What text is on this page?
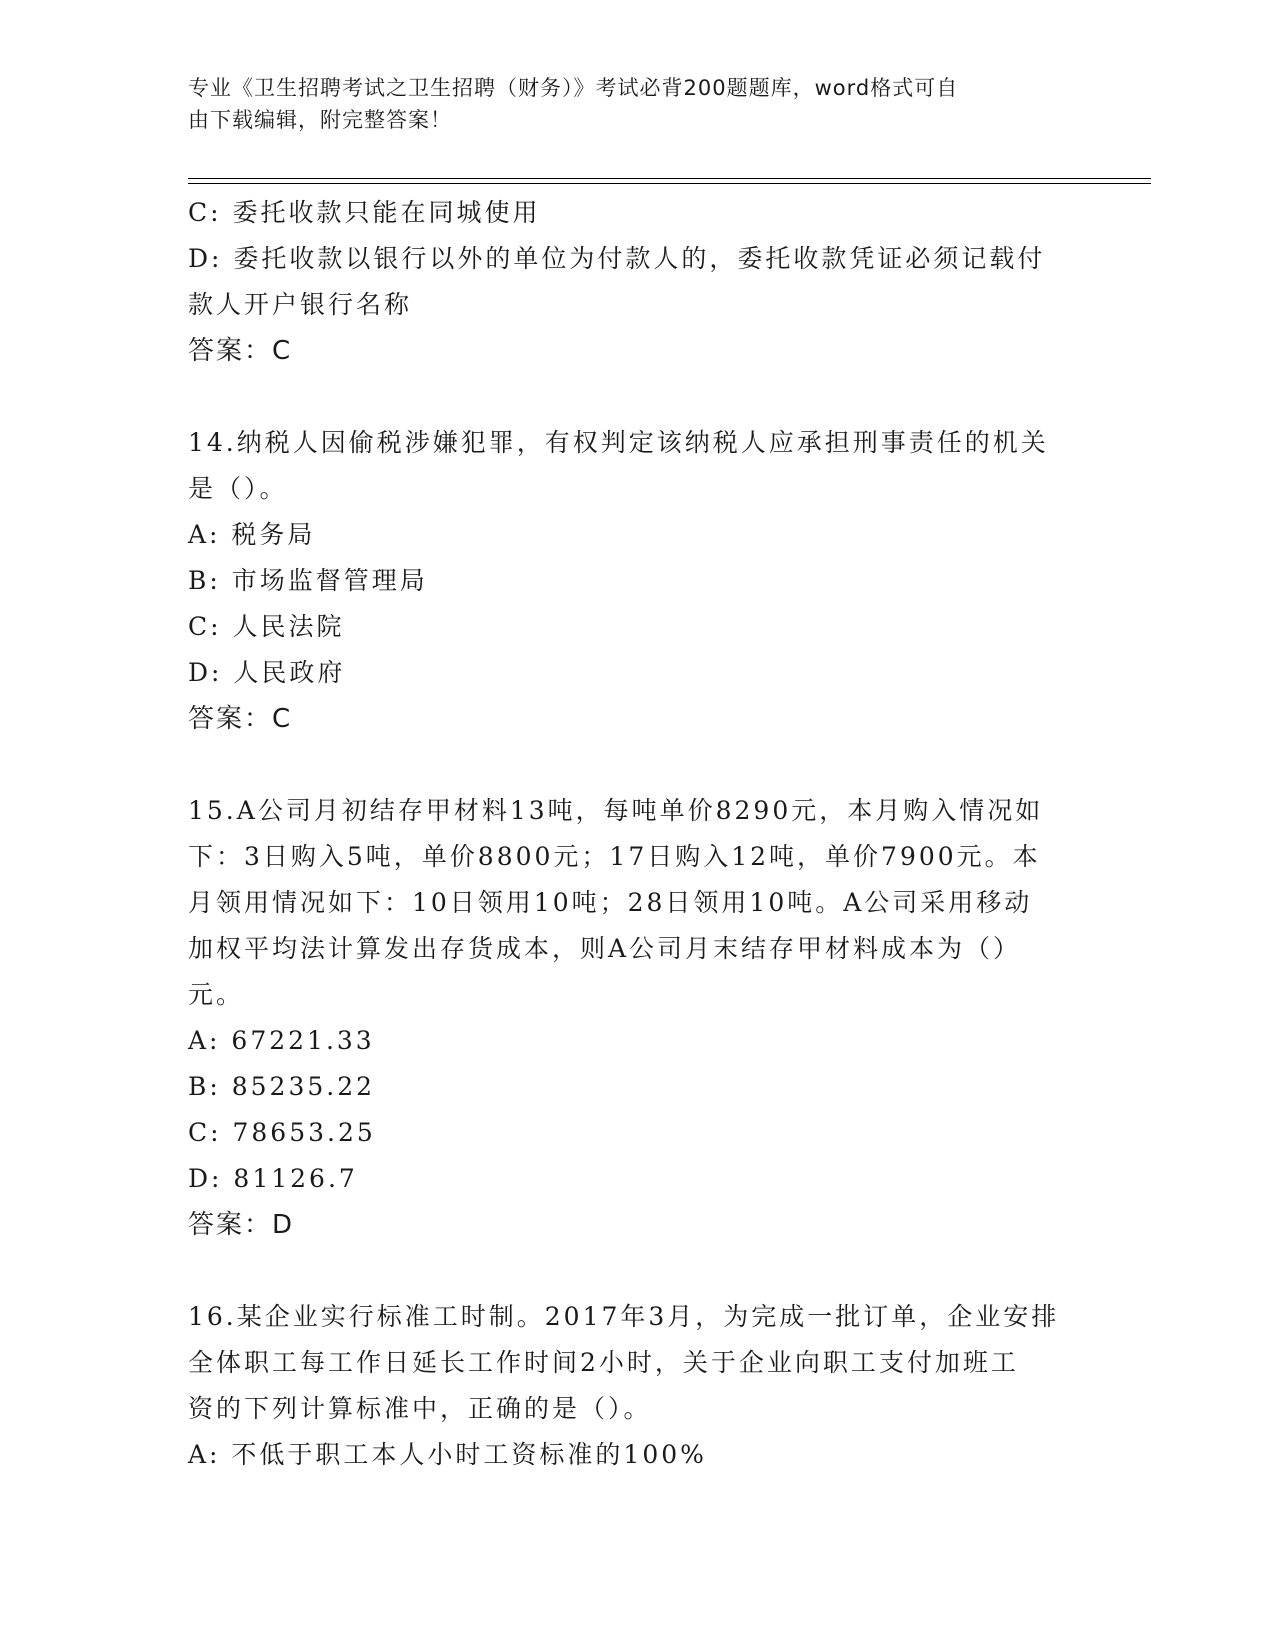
专业《卫生招聘考试之卫生招聘（财务）》考试必背200题题库，word格式可自
由下载编辑，附完整答案！
C: 委托收款只能在同城使用
D: 委托收款以银行以外的单位为付款人的，委托收款凭证必须记载付
款人开户银行名称
答案：C
14.纳税人因偷税涉嫌犯罪，有权判定该纳税人应承担刑事责任的机关
是（）。
A: 税务局
B: 市场监督管理局
C: 人民法院
D: 人民政府
答案：C
15.A公司月初结存甲材料13吨，每吨单价8290元，本月购入情况如
下：3日购入5吨，单价8800元；17日购入12吨，单价7900元。本
月领用情况如下：10日领用10吨；28日领用10吨。A公司采用移动
加权平均法计算发出存货成本，则A公司月末结存甲材料成本为（）
元。
A: 67221.33
B: 85235.22
C: 78653.25
D: 81126.7
答案：D
16.某企业实行标准工时制。2017年3月，为完成一批订单，企业安排
全体职工每工作日延长工作时间2小时，关于企业向职工支付加班工
资的下列计算标准中，正确的是（）。
A: 不低于职工本人小时工资标准的100%
